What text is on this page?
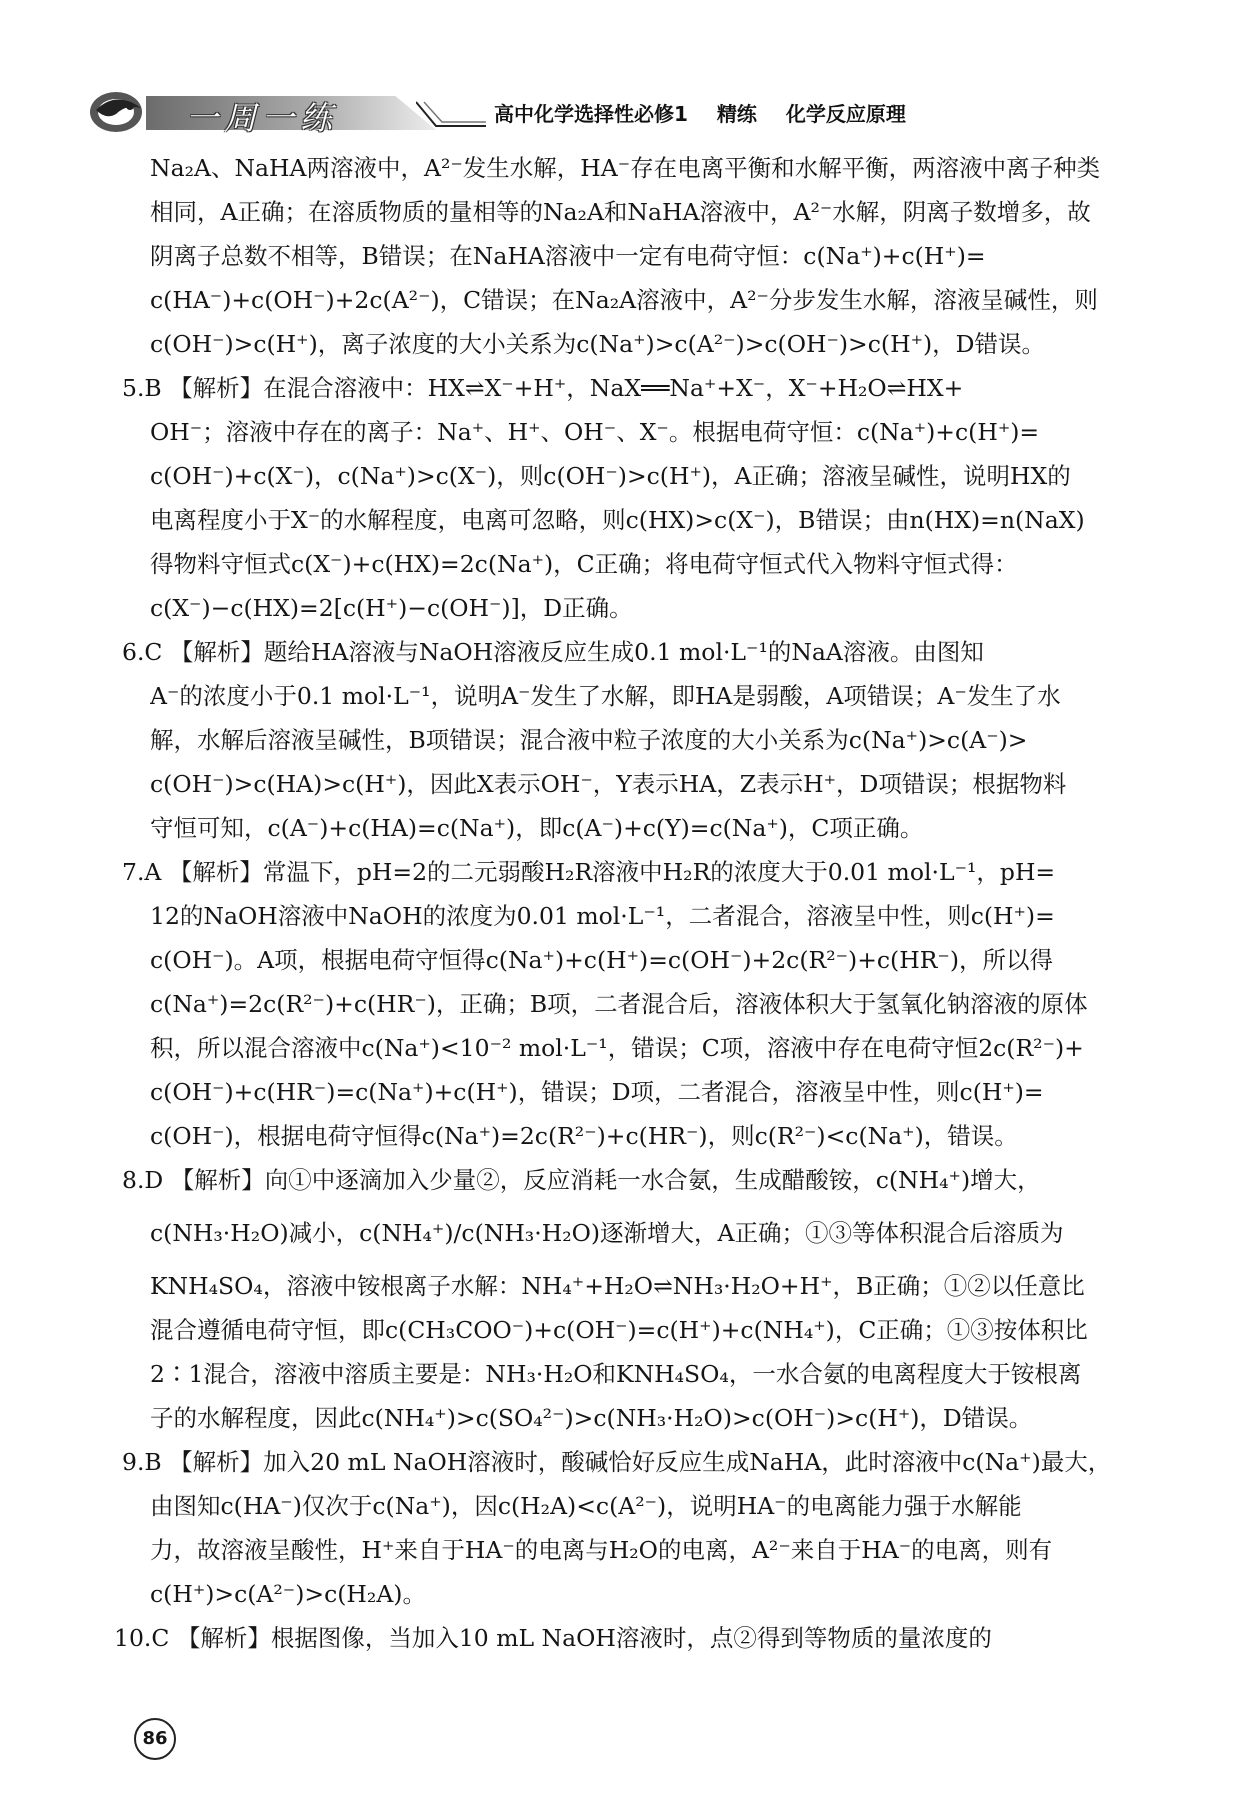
一周一练	高中化学选择性必修1 精练 化学反应原理
Na₂A、NaHA两溶液中，A²⁻发生水解，HA⁻存在电离平衡和水解平衡，两溶液中离子种类
相同，A正确；在溶质物质的量相等的Na₂A和NaHA溶液中，A²⁻水解，阴离子数增多，故
阴离子总数不相等，B错误；在NaHA溶液中一定有电荷守恒：c(Na⁺)+c(H⁺)=
c(HA⁻)+c(OH⁻)+2c(A²⁻)，C错误；在Na₂A溶液中，A²⁻分步发生水解，溶液呈碱性，则
c(OH⁻)>c(H⁺)，离子浓度的大小关系为c(Na⁺)>c(A²⁻)>c(OH⁻)>c(H⁺)，D错误。
5.B 【解析】在混合溶液中：HX⇌X⁻+H⁺，NaX══Na⁺+X⁻，X⁻+H₂O⇌HX+
OH⁻；溶液中存在的离子：Na⁺、H⁺、OH⁻、X⁻。根据电荷守恒：c(Na⁺)+c(H⁺)=
c(OH⁻)+c(X⁻)，c(Na⁺)>c(X⁻)，则c(OH⁻)>c(H⁺)，A正确；溶液呈碱性，说明HX的
电离程度小于X⁻的水解程度，电离可忽略，则c(HX)>c(X⁻)，B错误；由n(HX)=n(NaX)
得物料守恒式c(X⁻)+c(HX)=2c(Na⁺)，C正确；将电荷守恒式代入物料守恒式得：
c(X⁻)−c(HX)=2[c(H⁺)−c(OH⁻)]，D正确。
6.C 【解析】题给HA溶液与NaOH溶液反应生成0.1 mol·L⁻¹的NaA溶液。由图知
A⁻的浓度小于0.1 mol·L⁻¹，说明A⁻发生了水解，即HA是弱酸，A项错误；A⁻发生了水
解，水解后溶液呈碱性，B项错误；混合液中粒子浓度的大小关系为c(Na⁺)>c(A⁻)>
c(OH⁻)>c(HA)>c(H⁺)，因此X表示OH⁻，Y表示HA，Z表示H⁺，D项错误；根据物料
守恒可知，c(A⁻)+c(HA)=c(Na⁺)，即c(A⁻)+c(Y)=c(Na⁺)，C项正确。
7.A 【解析】常温下，pH=2的二元弱酸H₂R溶液中H₂R的浓度大于0.01 mol·L⁻¹，pH=
12的NaOH溶液中NaOH的浓度为0.01 mol·L⁻¹，二者混合，溶液呈中性，则c(H⁺)=
c(OH⁻)。A项，根据电荷守恒得c(Na⁺)+c(H⁺)=c(OH⁻)+2c(R²⁻)+c(HR⁻)，所以得
c(Na⁺)=2c(R²⁻)+c(HR⁻)，正确；B项，二者混合后，溶液体积大于氢氧化钠溶液的原体
积，所以混合溶液中c(Na⁺)<10⁻² mol·L⁻¹，错误；C项，溶液中存在电荷守恒2c(R²⁻)+
c(OH⁻)+c(HR⁻)=c(Na⁺)+c(H⁺)，错误；D项，二者混合，溶液呈中性，则c(H⁺)=
c(OH⁻)，根据电荷守恒得c(Na⁺)=2c(R²⁻)+c(HR⁻)，则c(R²⁻)<c(Na⁺)，错误。
8.D 【解析】向①中逐滴加入少量②，反应消耗一水合氨，生成醋酸铵，c(NH₄⁺)增大，
c(NH₃·H₂O)减小，c(NH₄⁺)/c(NH₃·H₂O)逐渐增大，A正确；①③等体积混合后溶质为
KNH₄SO₄，溶液中铵根离子水解：NH₄⁺+H₂O⇌NH₃·H₂O+H⁺，B正确；①②以任意比
混合遵循电荷守恒，即c(CH₃COO⁻)+c(OH⁻)=c(H⁺)+c(NH₄⁺)，C正确；①③按体积比
2∶1混合，溶液中溶质主要是：NH₃·H₂O和KNH₄SO₄，一水合氨的电离程度大于铵根离
子的水解程度，因此c(NH₄⁺)>c(SO₄²⁻)>c(NH₃·H₂O)>c(OH⁻)>c(H⁺)，D错误。
9.B 【解析】加入20 mL NaOH溶液时，酸碱恰好反应生成NaHA，此时溶液中c(Na⁺)最大，
由图知c(HA⁻)仅次于c(Na⁺)，因c(H₂A)<c(A²⁻)，说明HA⁻的电离能力强于水解能
力，故溶液呈酸性，H⁺来自于HA⁻的电离与H₂O的电离，A²⁻来自于HA⁻的电离，则有
c(H⁺)>c(A²⁻)>c(H₂A)。
10.C 【解析】根据图像，当加入10 mL NaOH溶液时，点②得到等物质的量浓度的
86
